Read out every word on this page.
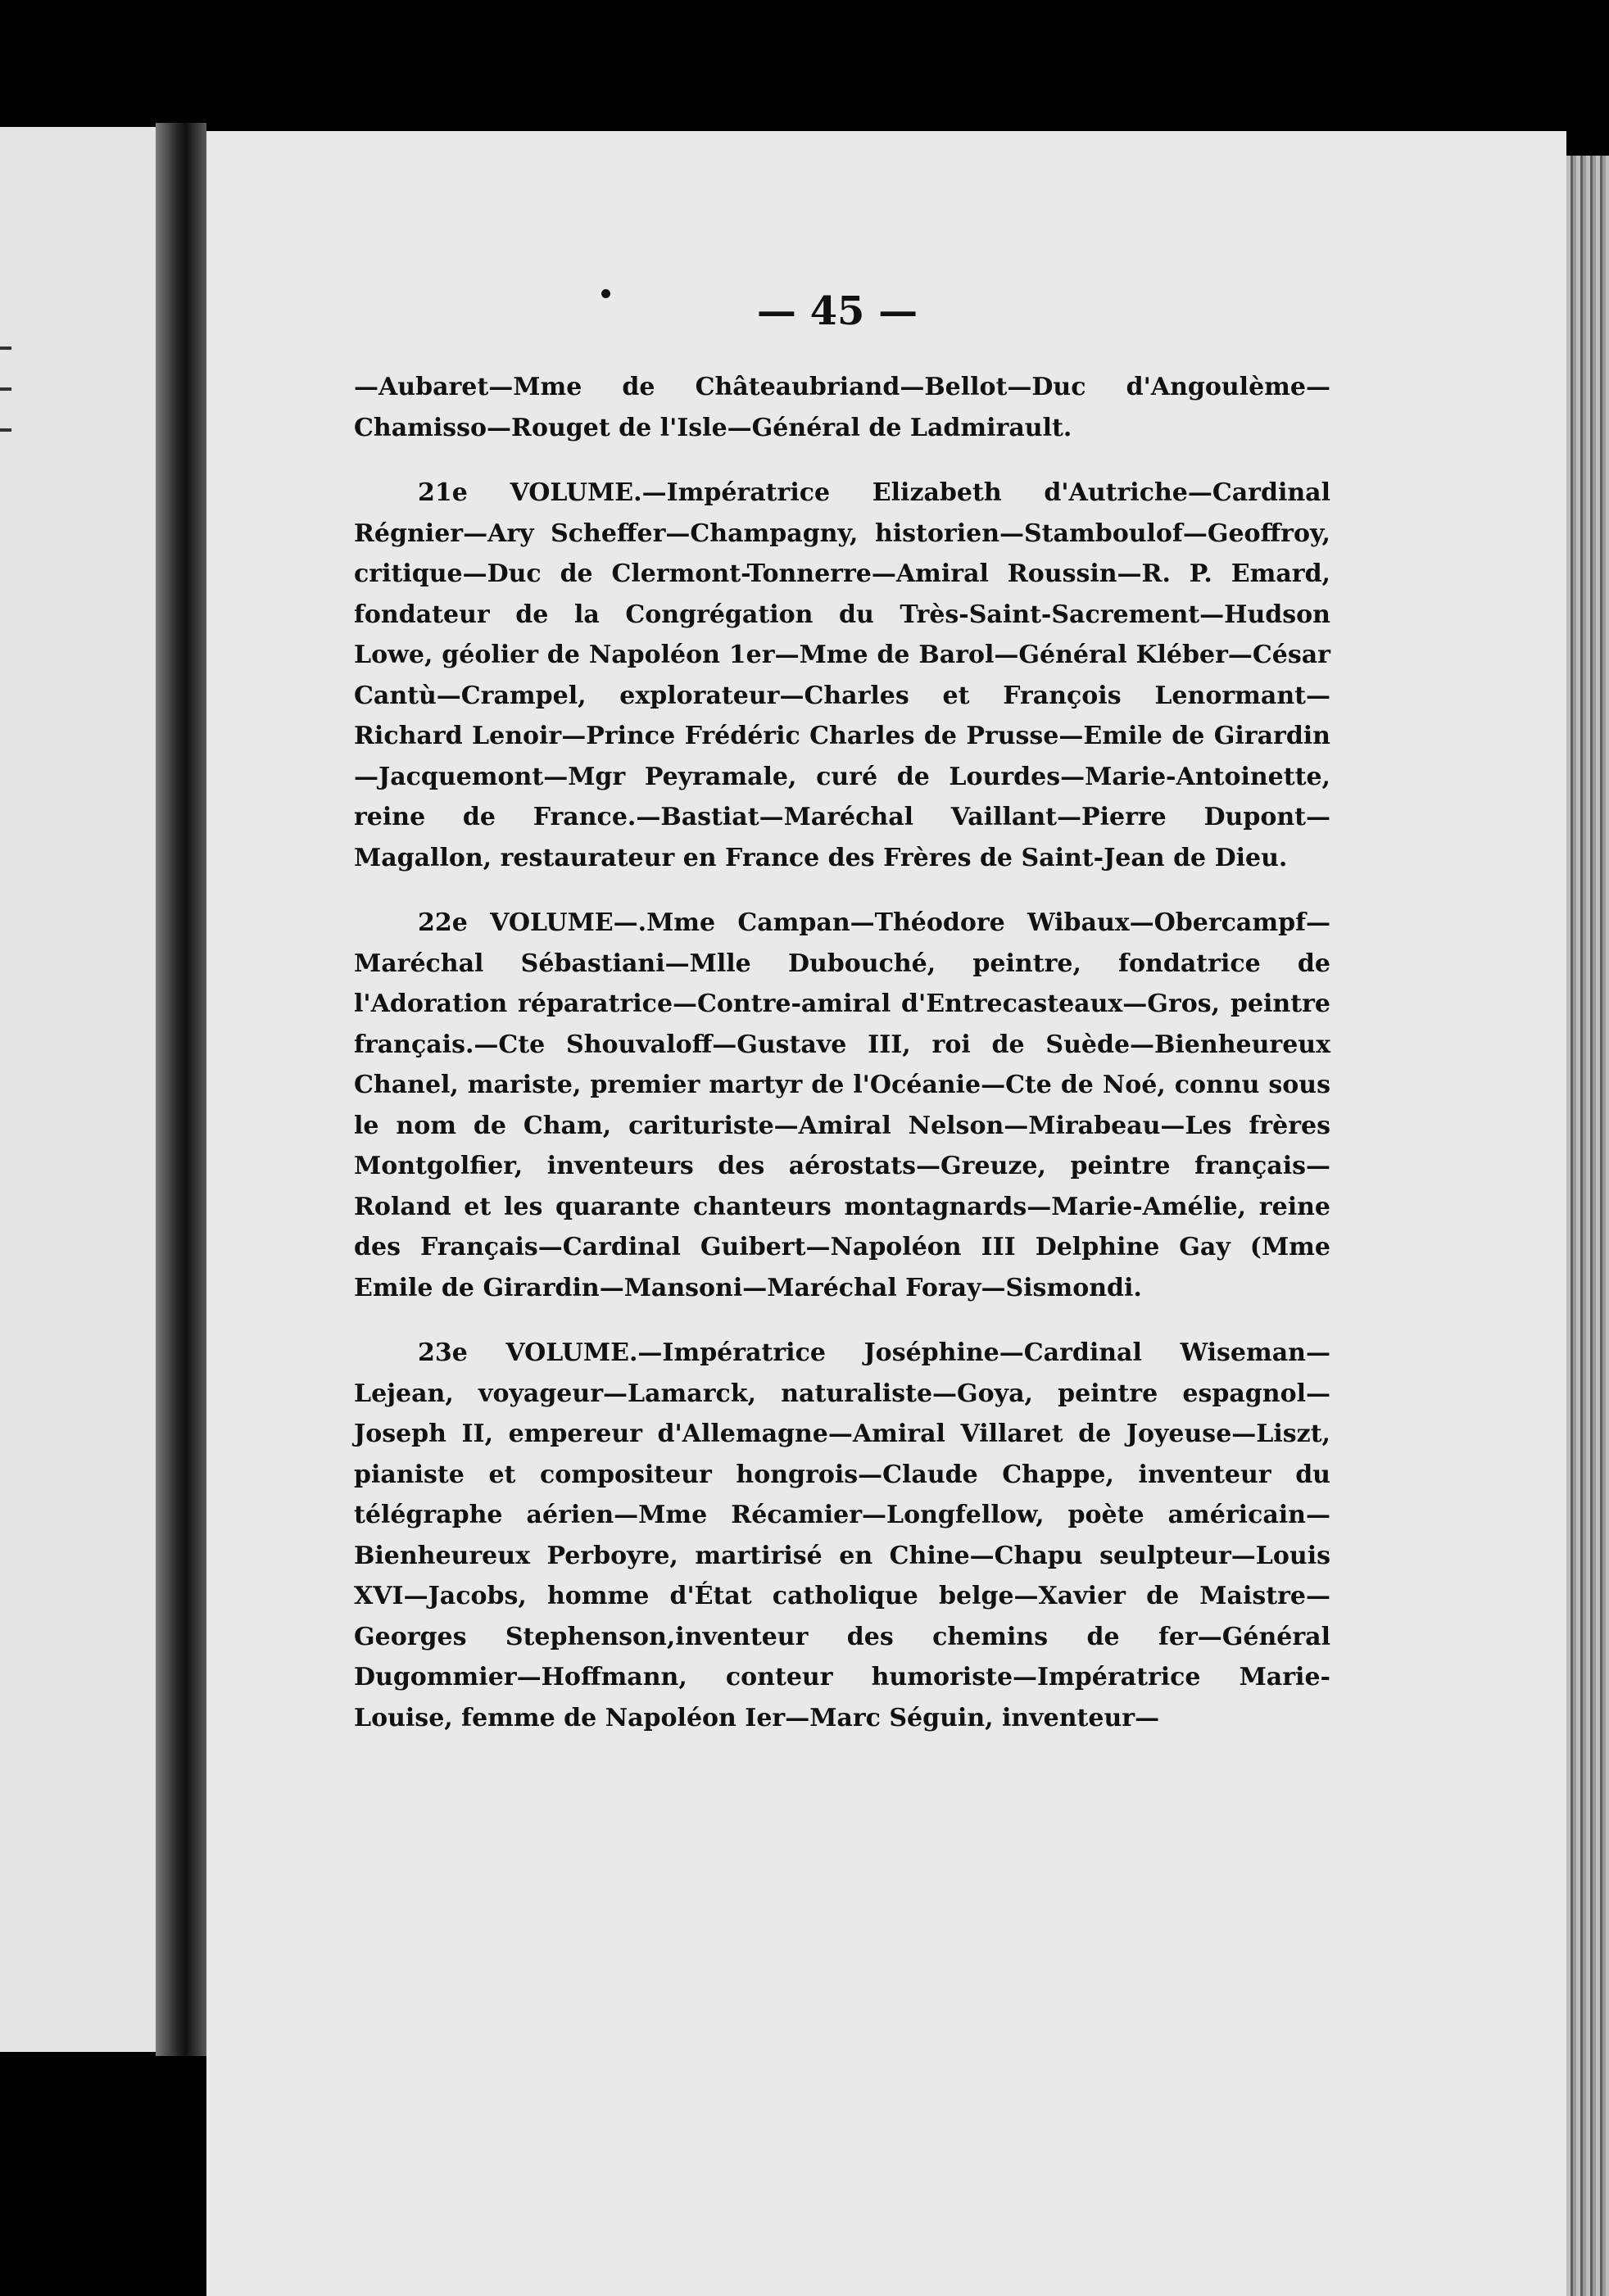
— 45 —

—Aubaret—Mme de Châteaubriand—Bellot—Duc d'Angoulème—Chamisso—Rouget de l'Isle—Général de Ladmirault.

21e VOLUME.—Impératrice Elizabeth d'Autriche—Cardinal Régnier—Ary Scheffer—Champagny, historien—Stamboulof—Geoffroy, critique—Duc de Clermont-Tonnerre—Amiral Roussin—R. P. Emard, fondateur de la Congrégation du Très-Saint-Sacrement—Hudson Lowe, géolier de Napoléon 1er—Mme de Barol—Général Kléber—César Cantù—Crampel, explorateur—Charles et François Lenormant—Richard Lenoir—Prince Frédéric Charles de Prusse—Emile de Girardin—Jacquemont—Mgr Peyramale, curé de Lourdes—Marie-Antoinette, reine de France.—Bastiat—Maréchal Vaillant—Pierre Dupont—Magallon, restaurateur en France des Frères de Saint-Jean de Dieu.

22e VOLUME—.Mme Campan—Théodore Wibaux—Obercampf—Maréchal Sébastiani—Mlle Dubouché, peintre, fondatrice de l'Adoration réparatrice—Contre-amiral d'Entrecasteaux—Gros, peintre français.—Cte Shouvaloff—Gustave III, roi de Suède—Bienheureux Chanel, mariste, premier martyr de l'Océanie—Cte de Noé, connu sous le nom de Cham, carituriste—Amiral Nelson—Mirabeau—Les frères Montgolfier, inventeurs des aérostats—Greuze, peintre français—Roland et les quarante chanteurs montagnards—Marie-Amélie, reine des Français—Cardinal Guibert—Napoléon III Delphine Gay (Mme Emile de Girardin—Mansoni—Maréchal Foray—Sismondi.

23e VOLUME.—Impératrice Joséphine—Cardinal Wiseman—Lejean, voyageur—Lamarck, naturaliste—Goya, peintre espagnol—Joseph II, empereur d'Allemagne—Amiral Villaret de Joyeuse—Liszt, pianiste et compositeur hongrois—Claude Chappe, inventeur du télégraphe aérien—Mme Récamier—Longfellow, poète américain—Bienheureux Perboyre, martirisé en Chine—Chapu seulpteur—Louis XVI—Jacobs, homme d'État catholique belge—Xavier de Maistre—Georges Stephenson,inventeur des chemins de fer—Général Dugommier—Hoffmann, conteur humoriste—Impératrice Marie-Louise, femme de Napoléon Ier—Marc Séguin, inventeur—
